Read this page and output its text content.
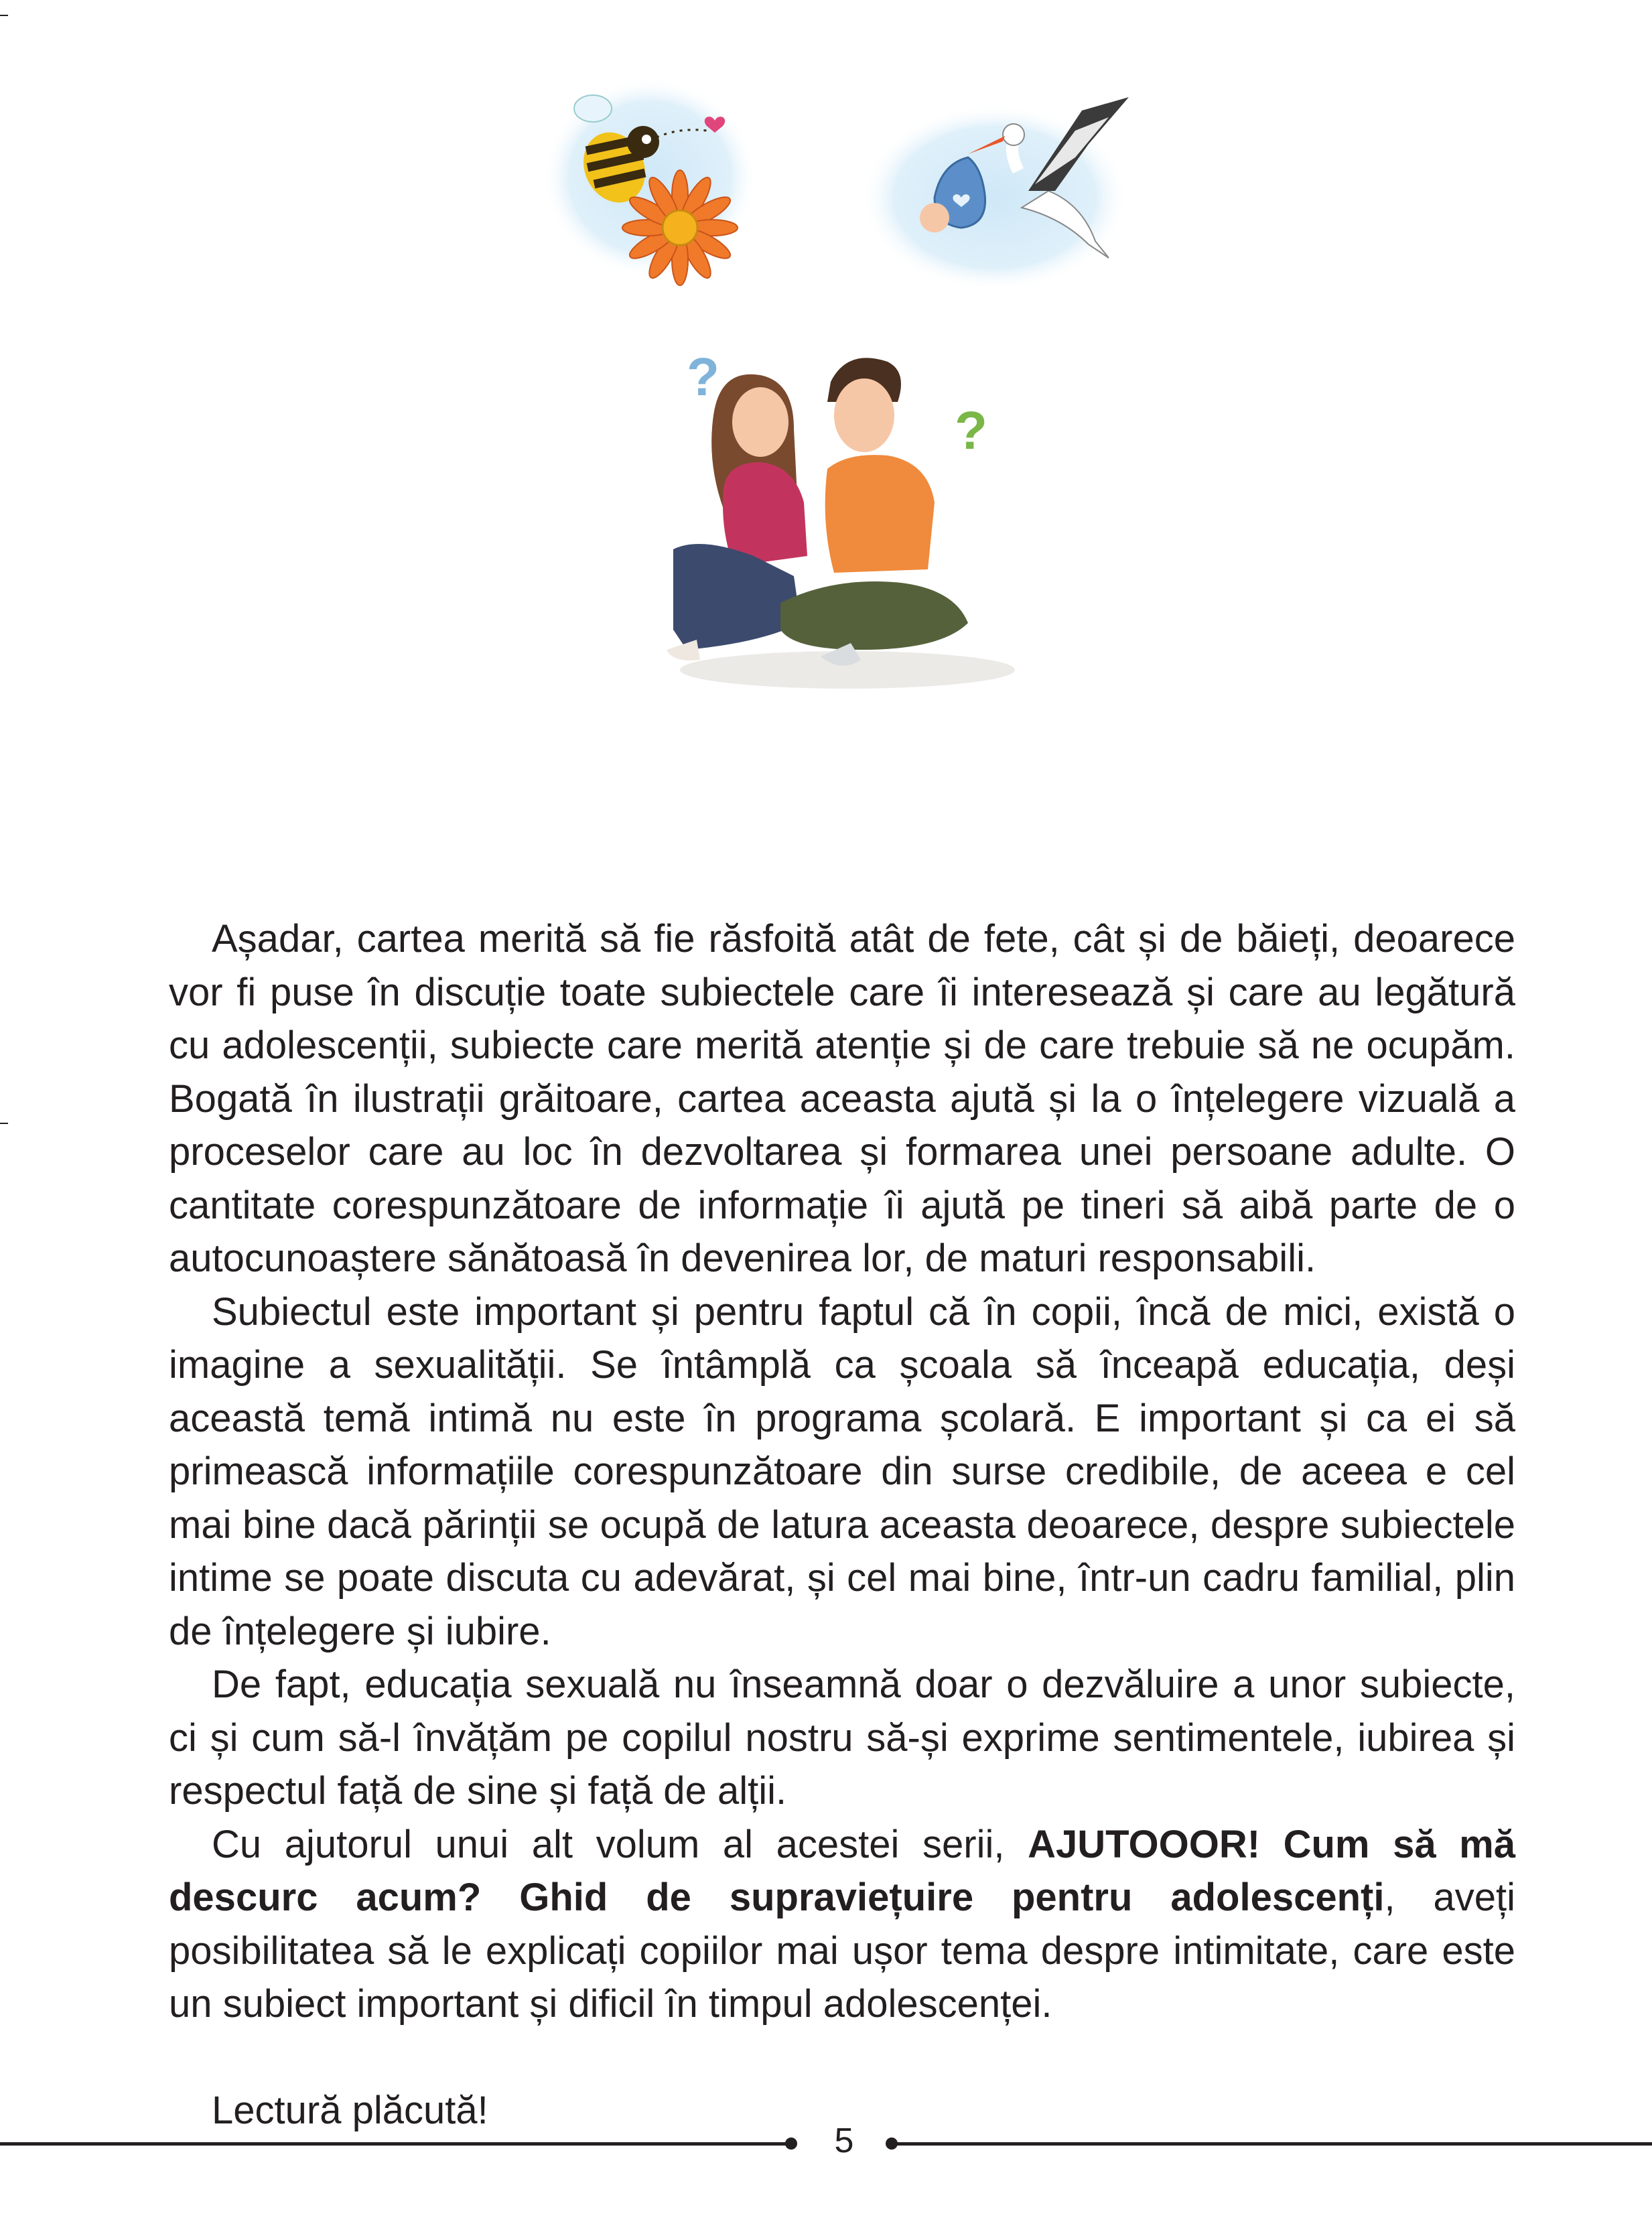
?
?

Așadar, cartea merită să fie răsfoită atât de fete, cât și de băieți, deoarece vor fi puse în discuție toate subiectele care îi interesează și care au legătură cu adolescenții, subiecte care merită atenție și de care trebuie să ne ocupăm. Bogată în ilustrații grăitoare, cartea aceasta ajută și la o înțelegere vizuală a proceselor care au loc în dezvoltarea și formarea unei persoane adulte. O cantitate corespunzătoare de informație îi ajută pe tineri să aibă parte de o autocunoaștere sănătoasă în devenirea lor, de maturi responsabili.

Subiectul este important și pentru faptul că în copii, încă de mici, există o imagine a sexualității. Se întâmplă ca școala să înceapă educația, deși această temă intimă nu este în programa școlară. E important și ca ei să primească informațiile corespunzătoare din surse credibile, de aceea e cel mai bine dacă părinții se ocupă de latura aceasta deoarece, despre subiectele intime se poate discuta cu adevărat, și cel mai bine, într-un cadru familial, plin de înțelegere și iubire.

De fapt, educația sexuală nu înseamnă doar o dezvăluire a unor subiecte, ci și cum să-l învățăm pe copilul nostru să-și exprime sentimentele, iubirea și respectul față de sine și față de alții.

Cu ajutorul unui alt volum al acestei serii, AJUTOOOR! Cum să mă descurc acum? Ghid de supraviețuire pentru adolescenți, aveți posibilitatea să le explicați copiilor mai ușor tema despre intimitate, care este un subiect important și dificil în timpul adolescenței.

Lectură plăcută!

5
